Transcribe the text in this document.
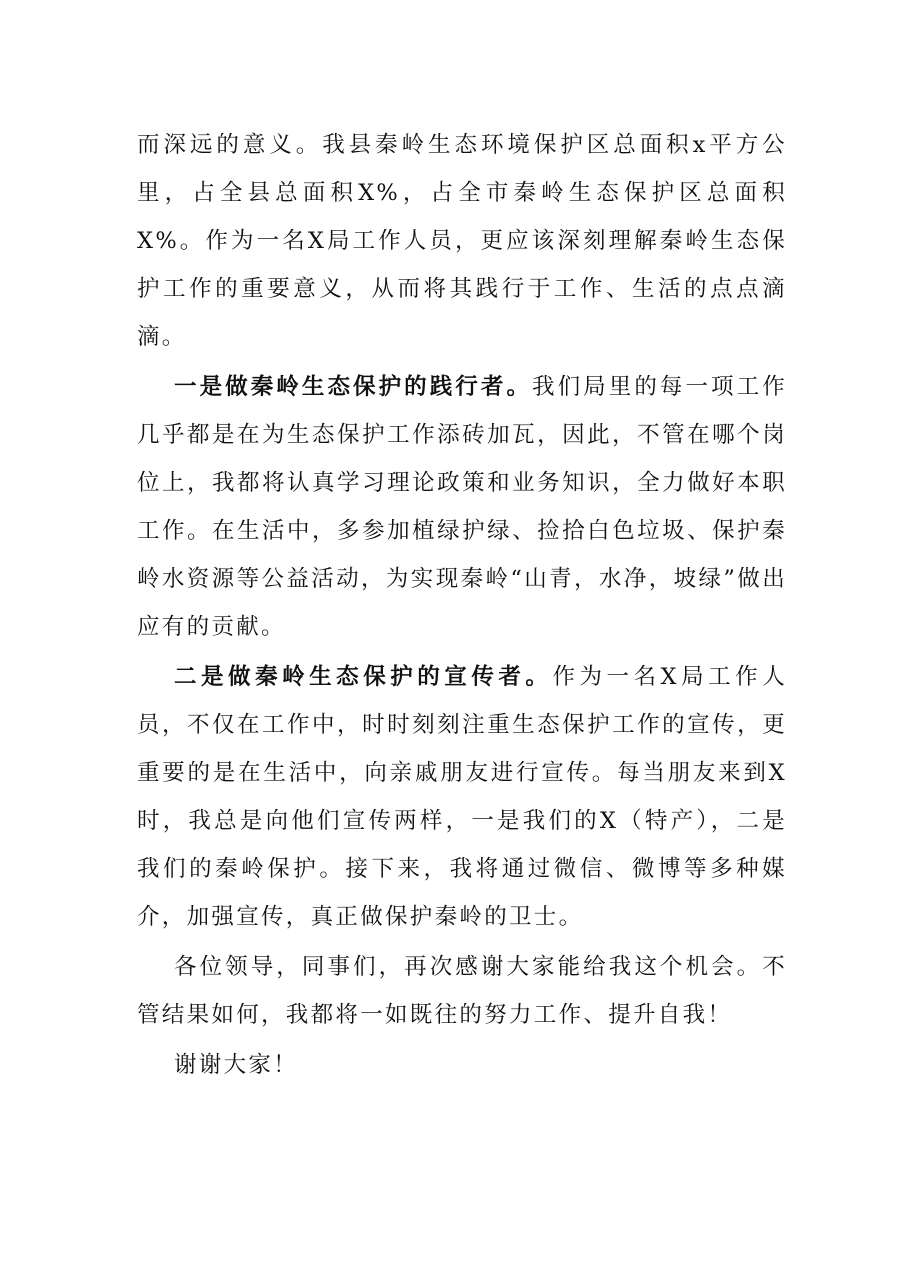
而深远的意义。我县秦岭生态环境保护区总面积x平方公里，占全县总面积X%，占全市秦岭生态保护区总面积X%。作为一名X局工作人员，更应该深刻理解秦岭生态保护工作的重要意义，从而将其践行于工作、生活的点点滴滴。

一是做秦岭生态保护的践行者。我们局里的每一项工作几乎都是在为生态保护工作添砖加瓦，因此，不管在哪个岗位上，我都将认真学习理论政策和业务知识，全力做好本职工作。在生活中，多参加植绿护绿、捡拾白色垃圾、保护秦岭水资源等公益活动，为实现秦岭“山青，水净，坡绿”做出应有的贡献。

二是做秦岭生态保护的宣传者。作为一名X局工作人员，不仅在工作中，时时刻刻注重生态保护工作的宣传，更重要的是在生活中，向亲戚朋友进行宣传。每当朋友来到X时，我总是向他们宣传两样，一是我们的X（特产），二是我们的秦岭保护。接下来，我将通过微信、微博等多种媒介，加强宣传，真正做保护秦岭的卫士。

各位领导，同事们，再次感谢大家能给我这个机会。不管结果如何，我都将一如既往的努力工作、提升自我！

谢谢大家！
